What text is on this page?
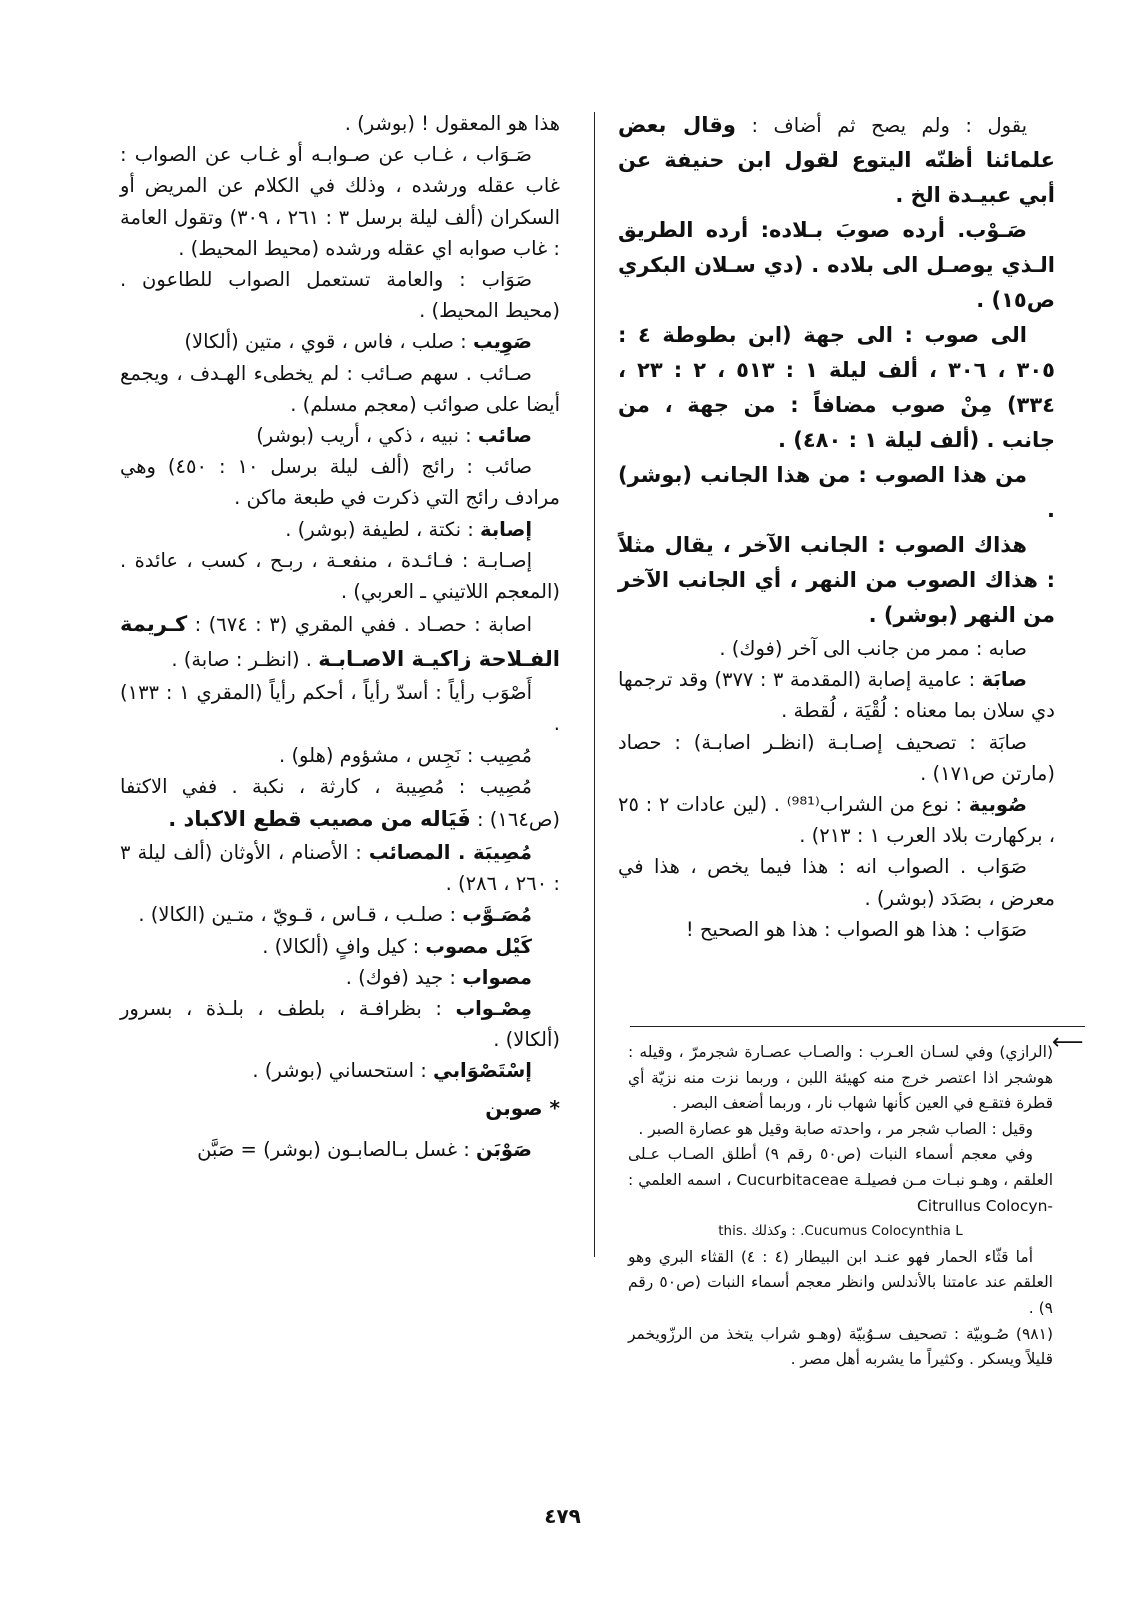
يقول : ولم يصح ثم أضاف : وقال بعض علمائنا أظنّه اليتوع لقول ابن حنيفة عن أبي عبيـدة الخ .

صَـوْب. أرده صوبَ بـلاده: أرده الطريق الـذي يوصـل الى بلاده . (دي سـلان البكري ص١٥) .

الى صوب : الى جهة (ابن بطوطة ٤ : ٣٠٥ ، ٣٠٦ ، ألف ليلة ١ : ٥١٣ ، ٢ : ٢٣ ، ٣٣٤) مِنْ صوب مضافاً : من جهة ، من جانب . (ألف ليلة ١ : ٤٨٠) .

من هذا الصوب : من هذا الجانب (بوشر) .

هذاك الصوب : الجانب الآخر ، يقال مثلاً : هذاك الصوب من النهر ، أي الجانب الآخر من النهر (بوشر) .

صابه : ممر من جانب الى آخر (فوك) .

صابَة : عامية إصابة (المقدمة ٣ : ٣٧٧) وقد ترجمها دي سلان بما معناه : لُقْيَة ، لُقطة .

صابَة : تصحيف إصـابـة (انظـر اصابـة) : حصاد (مارتن ص١٧١) .

صُوبية : نوع من الشراب⁽⁹⁸¹⁾ . (لين عادات ٢ : ٢٥ ، بركهارت بلاد العرب ١ : ٢١٣) .

صَوَاب . الصواب انه : هذا فيما يخص ، هذا في معرض ، بصَدَد (بوشر) .

صَوَاب : هذا هو الصواب : هذا هو الصحيح !

هذا هو المعقول ! (بوشر) .

صَـوَاب ، غـاب عن صـوابـه أو غـاب عن الصواب : غاب عقله ورشده ، وذلك في الكلام عن المريض أو السكران (ألف ليلة برسل ٣ : ٢٦١ ، ٣٠٩) وتقول العامة : غاب صوابه اي عقله ورشده (محيط المحيط) .

صَوَاب : والعامة تستعمل الصواب للطاعون . (محيط المحيط) .

صَوِيب : صلب ، فاس ، قوي ، متين (ألكالا)

صـائب . سهم صـائب : لم يخطىء الهـدف ، ويجمع أيضا على صوائب (معجم مسلم) .

صائب : نبيه ، ذكي ، أريب (بوشر)

صائب : رائج (ألف ليلة برسل ١٠ : ٤٥٠) وهي مرادف رائج التي ذكرت في طبعة ماكن .

إصابة : نكتة ، لطيفة (بوشر) .

إصـابـة : فـائـدة ، منفعـة ، ربـح ، كسب ، عائدة . (المعجم اللاتيني ـ العربي) .

اصابة : حصـاد . ففي المقري (٣ : ٦٧٤) : كـريمة الفـلاحة زاكيـة الاصـابـة . (انظـر : صابة) .

أَصْوَب رأياً : أسدّ رأياً ، أحكم رأياً (المقري ١ : ١٣٣) .

مُصِيب : نَجِس ، مشؤوم (هلو) .

مُصِيب : مُصِيبة ، كارثة ، نكبة . ففي الاكتفا (ص١٦٤) : فَيَاله من مصيب قطع الاكباد .

مُصِيبَة . المصائب : الأصنام ، الأوثان (ألف ليلة ٣ : ٢٦٠ ، ٢٨٦) .

مُصَـوَّب : صلـب ، قـاس ، قـويّ ، متـين (الكالا) .

كَيْل مصوب : كيل وافٍ (ألكالا) .

مصواب : جيد (فوك) .

مِصْـواب : بظرافـة ، بلطف ، بلـذة ، بسرور (ألكالا) .

إسْتَصْوَابي : استحساني (بوشر) .

* صوبن

صَوْبَن : غسل بـالصابـون (بوشر) = صَبَّن

⟵

(الرازي) وفي لسـان العـرب : والصـاب عصـارة شجرمرّ ، وقيله : هوشجر اذا اعتصر خرج منه كهيئة اللبن ، وربما نزت منه نزيّة أي قطرة فتقـع في العين كأنها شهاب نار ، وربما أضعف البصر .

وقيل : الصاب شجر مر ، واحدته صابة وقيل هو عصارة الصبر .

وفي معجم أسماء النبات (ص٥٠ رقم ٩) أطلق الصـاب عـلى العلقم ، وهـو نبـات مـن فصيلـة Cucurbitaceae ، اسمه العلمي : -Citrullus Colocyn

this. وكذلك : .Cucumus Colocynthia L

أما قثّاء الحمار فهو عنـد ابن البيطار (٤ : ٤) القثاء البري وهو العلقم عند عامتنا بالأندلس وانظر معجم أسماء النبات (ص٥٠ رقم ٩) .

(٩٨١) صُـوبيّة : تصحيف سـوُبيّة (وهـو شراب يتخذ من الرزّويخمر قليلاً ويسكر . وكثيراً ما يشربه أهل مصر .

٤٧٩
